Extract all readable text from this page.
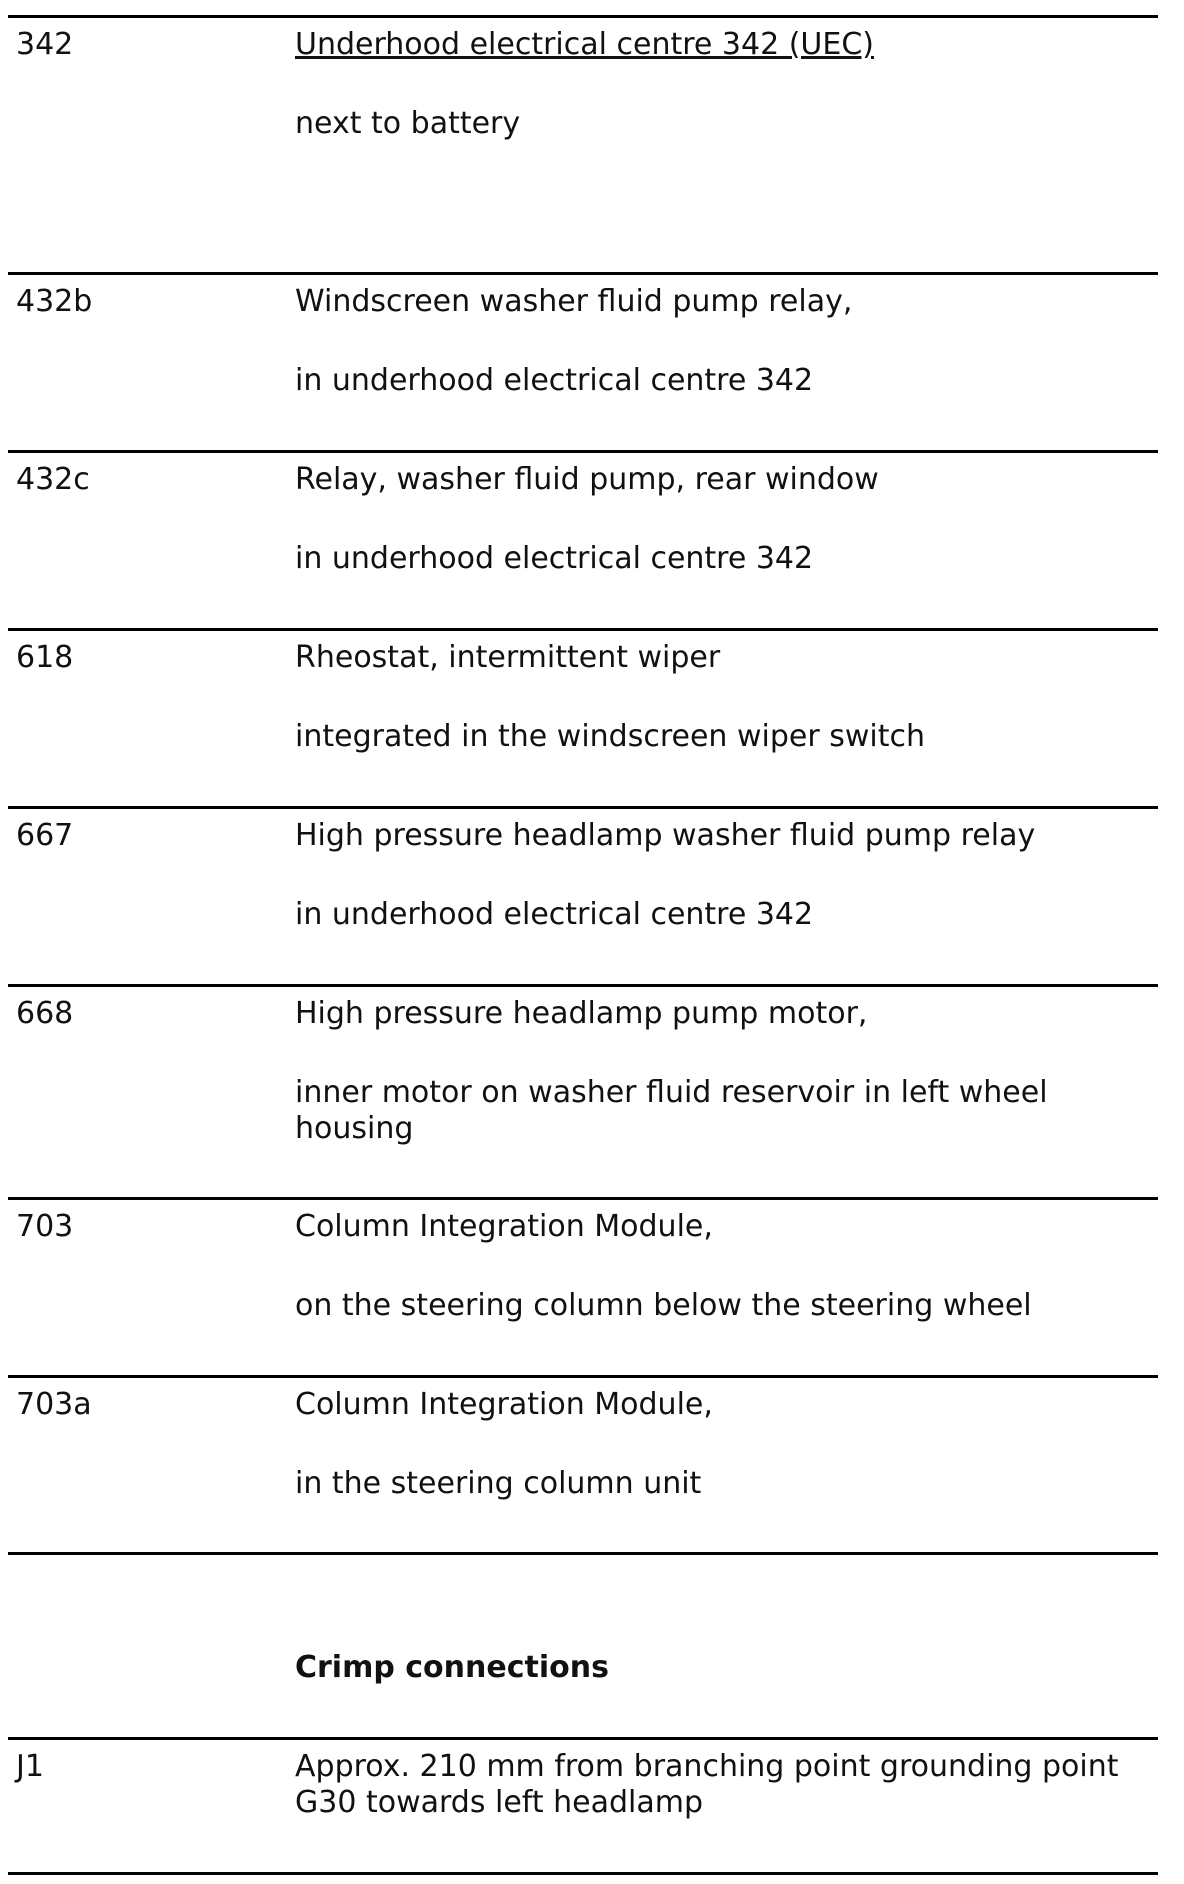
342	Underhood electrical centre 342 (UEC)
next to battery
432b	Windscreen washer fluid pump relay,
in underhood electrical centre 342
432c	Relay, washer fluid pump, rear window
in underhood electrical centre 342
618	Rheostat, intermittent wiper
integrated in the windscreen wiper switch
667	High pressure headlamp washer fluid pump relay
in underhood electrical centre 342
668	High pressure headlamp pump motor,
inner motor on washer fluid reservoir in left wheel housing
703	Column Integration Module,
on the steering column below the steering wheel
703a	Column Integration Module,
in the steering column unit
Crimp connections
J1	Approx. 210 mm from branching point grounding point G30 towards left headlamp
